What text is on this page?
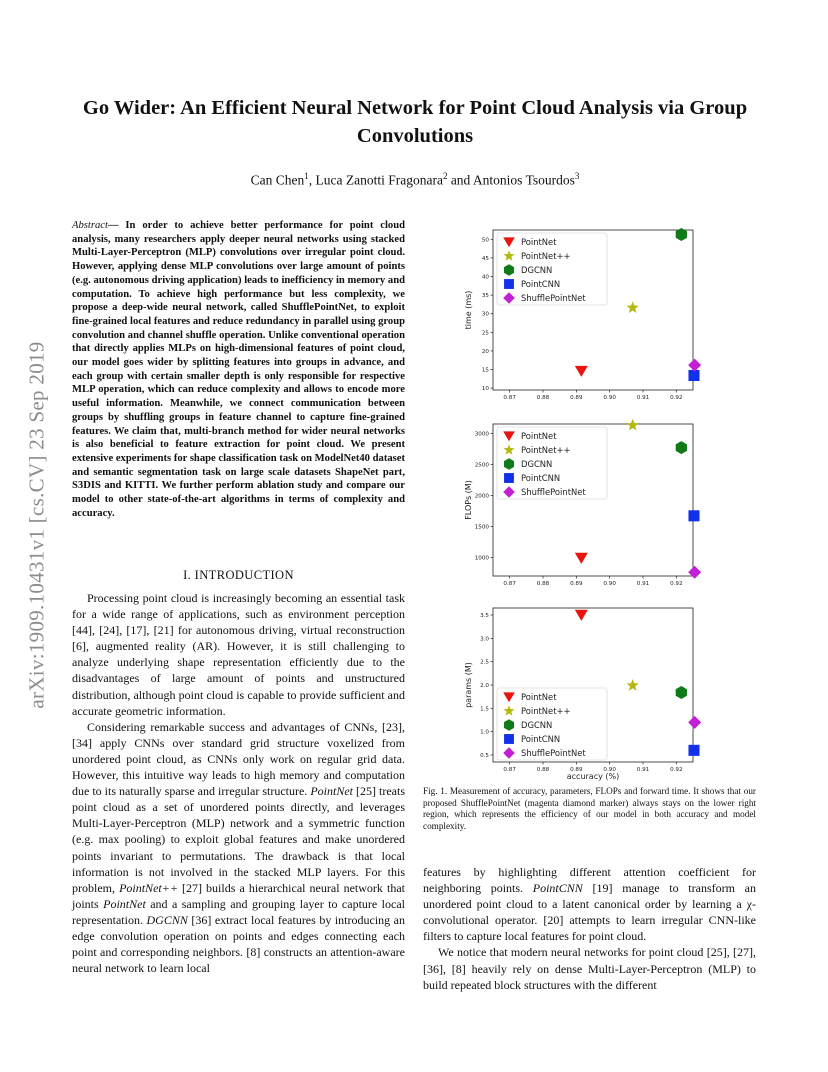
arXiv:1909.10431v1 [cs.CV] 23 Sep 2019
Go Wider: An Efficient Neural Network for Point Cloud Analysis via Group Convolutions
Can Chen$^1$, Luca Zanotti Fragonara$^2$ and Antonios Tsourdos$^3$
Abstract— In order to achieve better performance for point cloud analysis, many researchers apply deeper neural networks using stacked Multi-Layer-Perceptron (MLP) convolutions over irregular point cloud. However, applying dense MLP convolutions over large amount of points (e.g. autonomous driving application) leads to inefficiency in memory and computation. To achieve high performance but less complexity, we propose a deep-wide neural network, called ShufflePointNet, to exploit fine-grained local features and reduce redundancy in parallel using group convolution and channel shuffle operation. Unlike conventional operation that directly applies MLPs on high-dimensional features of point cloud, our model goes wider by splitting features into groups in advance, and each group with certain smaller depth is only responsible for respective MLP operation, which can reduce complexity and allows to encode more useful information. Meanwhile, we connect communication between groups by shuffling groups in feature channel to capture fine-grained features. We claim that, multi-branch method for wider neural networks is also beneficial to feature extraction for point cloud. We present extensive experiments for shape classification task on ModelNet40 dataset and semantic segmentation task on large scale datasets ShapeNet part, S3DIS and KITTI. We further perform ablation study and compare our model to other state-of-the-art algorithms in terms of complexity and accuracy.
I. INTRODUCTION

Processing point cloud is increasingly becoming an essential task for a wide range of applications, such as environment perception [44], [24], [17], [21] for autonomous driving, virtual reconstruction [6], augmented reality (AR). However, it is still challenging to analyze underlying shape representation efficiently due to the disadvantages of large amount of points and unstructured distribution, although point cloud is capable to provide sufficient and accurate geometric information.

Considering remarkable success and advantages of CNNs, [23], [34] apply CNNs over standard grid structure voxelized from unordered point cloud, as CNNs only work on regular grid data. However, this intuitive way leads to high memory and computation due to its naturally sparse and irregular structure. PointNet [25] treats point cloud as a set of unordered points directly, and leverages Multi-Layer-Perceptron (MLP) network and a symmetric function (e.g. max pooling) to exploit global features and make unordered points invariant to permutations. The drawback is that local information is not involved in the stacked MLP layers. For this problem, PointNet++ [27] builds a hierarchical neural network that joints PointNet and a sampling and grouping layer to capture local representation. DGCNN [36] extract local features by introducing an edge convolution operation on points and edges connecting each point and corresponding neighbors. [8] constructs an attention-aware neural network to learn local

0.87	0.88	0.89	0.90	0.91	0.92
10
15
20
25
30
35
40
45
50
time (ms)
PointNet
PointNet++
DGCNN
PointCNN
ShufflePointNet
0.87	0.88	0.89	0.90	0.91	0.92
1000
1500
2000
2500
3000
FLOPs (M)
PointNet
PointNet++
DGCNN
PointCNN
ShufflePointNet
0.87	0.88	0.89	0.90	0.91	0.92
0.5
1.0
1.5
2.0
2.5
3.0
3.5
params (M)
accuracy (%)
PointNet
PointNet++
DGCNN
PointCNN
ShufflePointNet
Fig. 1. Measurement of accuracy, parameters, FLOPs and forward time. It shows that our proposed ShufflePointNet (magenta diamond marker) always stays on the lower right region, which represents the efficiency of our model in both accuracy and model complexity.

features by highlighting different attention coefficient for neighboring points. PointCNN [19] manage to transform an unordered point cloud to a latent canonical order by learning a χ-convolutional operator. [20] attempts to learn irregular CNN-like filters to capture local features for point cloud.

We notice that modern neural networks for point cloud [25], [27], [36], [8] heavily rely on dense Multi-Layer-Perceptron (MLP) to build repeated block structures with the different
